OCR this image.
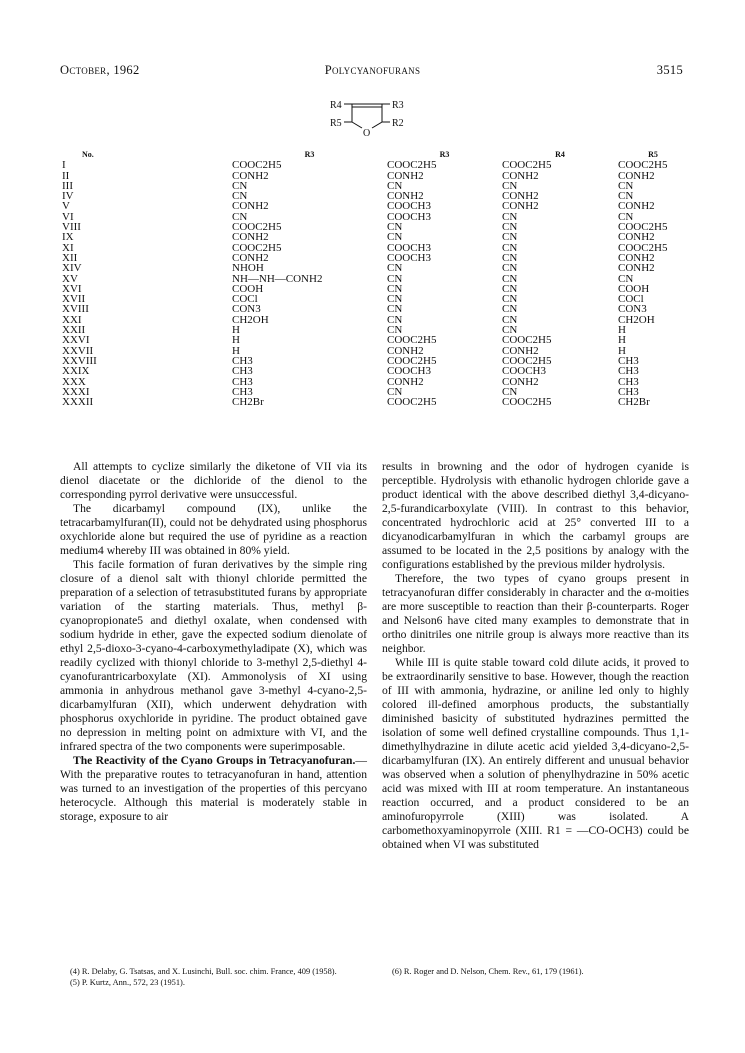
October, 1962	Polycyanofurans	3515
R4	R3
R5
O
R2
No.	R3	R3	R4	R5
I	COOC2H5	COOC2H5	COOC2H5	COOC2H5
II	CONH2	CONH2	CONH2	CONH2
III	CN	CN	CN	CN
IV	CN	CONH2	CONH2	CN
V	CONH2	COOCH3	CONH2	CONH2
VI	CN	COOCH3	CN	CN
VIII	COOC2H5	CN	CN	COOC2H5
IX	CONH2	CN	CN	CONH2
XI	COOC2H5	COOCH3	CN	COOC2H5
XII	CONH2	COOCH3	CN	CONH2
XIV	NHOH	CN	CN	CONH2
XV	NH—NH—CONH2	CN	CN	CN
XVI	COOH	CN	CN	COOH
XVII	COCl	CN	CN	COCl
XVIII	CON3	CN	CN	CON3
XXI	CH2OH	CN	CN	CH2OH
XXII	H	CN	CN	H
XXVI	H	COOC2H5	COOC2H5	H
XXVII	H	CONH2	CONH2	H
XXVIII	CH3	COOC2H5	COOC2H5	CH3
XXIX	CH3	COOCH3	COOCH3	CH3
XXX	CH3	CONH2	CONH2	CH3
XXXI	CH3	CN	CN	CH3
XXXII	CH2Br	COOC2H5	COOC2H5	CH2Br

All attempts to cyclize similarly the diketone of VII via its dienol diacetate or the dichloride of the dienol to the corresponding pyrrol derivative were unsuccessful.

The dicarbamyl compound (IX), unlike the tetracarbamylfuran(II), could not be dehydrated using phosphorus oxychloride alone but required the use of pyridine as a reaction medium4 whereby III was obtained in 80% yield.

This facile formation of furan derivatives by the simple ring closure of a dienol salt with thionyl chloride permitted the preparation of a selection of tetrasubstituted furans by appropriate variation of the starting materials. Thus, methyl β-cyanopropionate5 and diethyl oxalate, when condensed with sodium hydride in ether, gave the expected sodium dienolate of ethyl 2,5-dioxo-3-cyano-4-carboxymethyladipate (X), which was readily cyclized with thionyl chloride to 3-methyl 2,5-diethyl 4-cyanofurantricarboxylate (XI). Ammonolysis of XI using ammonia in anhydrous methanol gave 3-methyl 4-cyano-2,5-dicarbamylfuran (XII), which underwent dehydration with phosphorus oxychloride in pyridine. The product obtained gave no depression in melting point on admixture with VI, and the infrared spectra of the two components were superimposable.

The Reactivity of the Cyano Groups in Tetracyanofuran.—With the preparative routes to tetracyanofuran in hand, attention was turned to an investigation of the properties of this percyano heterocycle. Although this material is moderately stable in storage, exposure to air

(4) R. Delaby, G. Tsatsas, and X. Lusinchi, Bull. soc. chim. France, 409 (1958).

(5) P. Kurtz, Ann., 572, 23 (1951).

results in browning and the odor of hydrogen cyanide is perceptible. Hydrolysis with ethanolic hydrogen chloride gave a product identical with the above described diethyl 3,4-dicyano-2,5-furandicarboxylate (VIII). In contrast to this behavior, concentrated hydrochloric acid at 25° converted III to a dicyanodicarbamylfuran in which the carbamyl groups are assumed to be located in the 2,5 positions by analogy with the configurations established by the previous milder hydrolysis.

Therefore, the two types of cyano groups present in tetracyanofuran differ considerably in character and the α-moities are more susceptible to reaction than their β-counterparts. Roger and Nelson6 have cited many examples to demonstrate that in ortho dinitriles one nitrile group is always more reactive than its neighbor.

While III is quite stable toward cold dilute acids, it proved to be extraordinarily sensitive to base. However, though the reaction of III with ammonia, hydrazine, or aniline led only to highly colored ill-defined amorphous products, the substantially diminished basicity of substituted hydrazines permitted the isolation of some well defined crystalline compounds. Thus 1,1-dimethylhydrazine in dilute acetic acid yielded 3,4-dicyano-2,5-dicarbamylfuran (IX). An entirely different and unusual behavior was observed when a solution of phenylhydrazine in 50% acetic acid was mixed with III at room temperature. An instantaneous reaction occurred, and a product considered to be an aminofuropyrrole (XIII) was isolated. A carbomethoxyaminopyrrole (XIII. R1 = —CO-OCH3) could be obtained when VI was substituted

(6) R. Roger and D. Nelson, Chem. Rev., 61, 179 (1961).
